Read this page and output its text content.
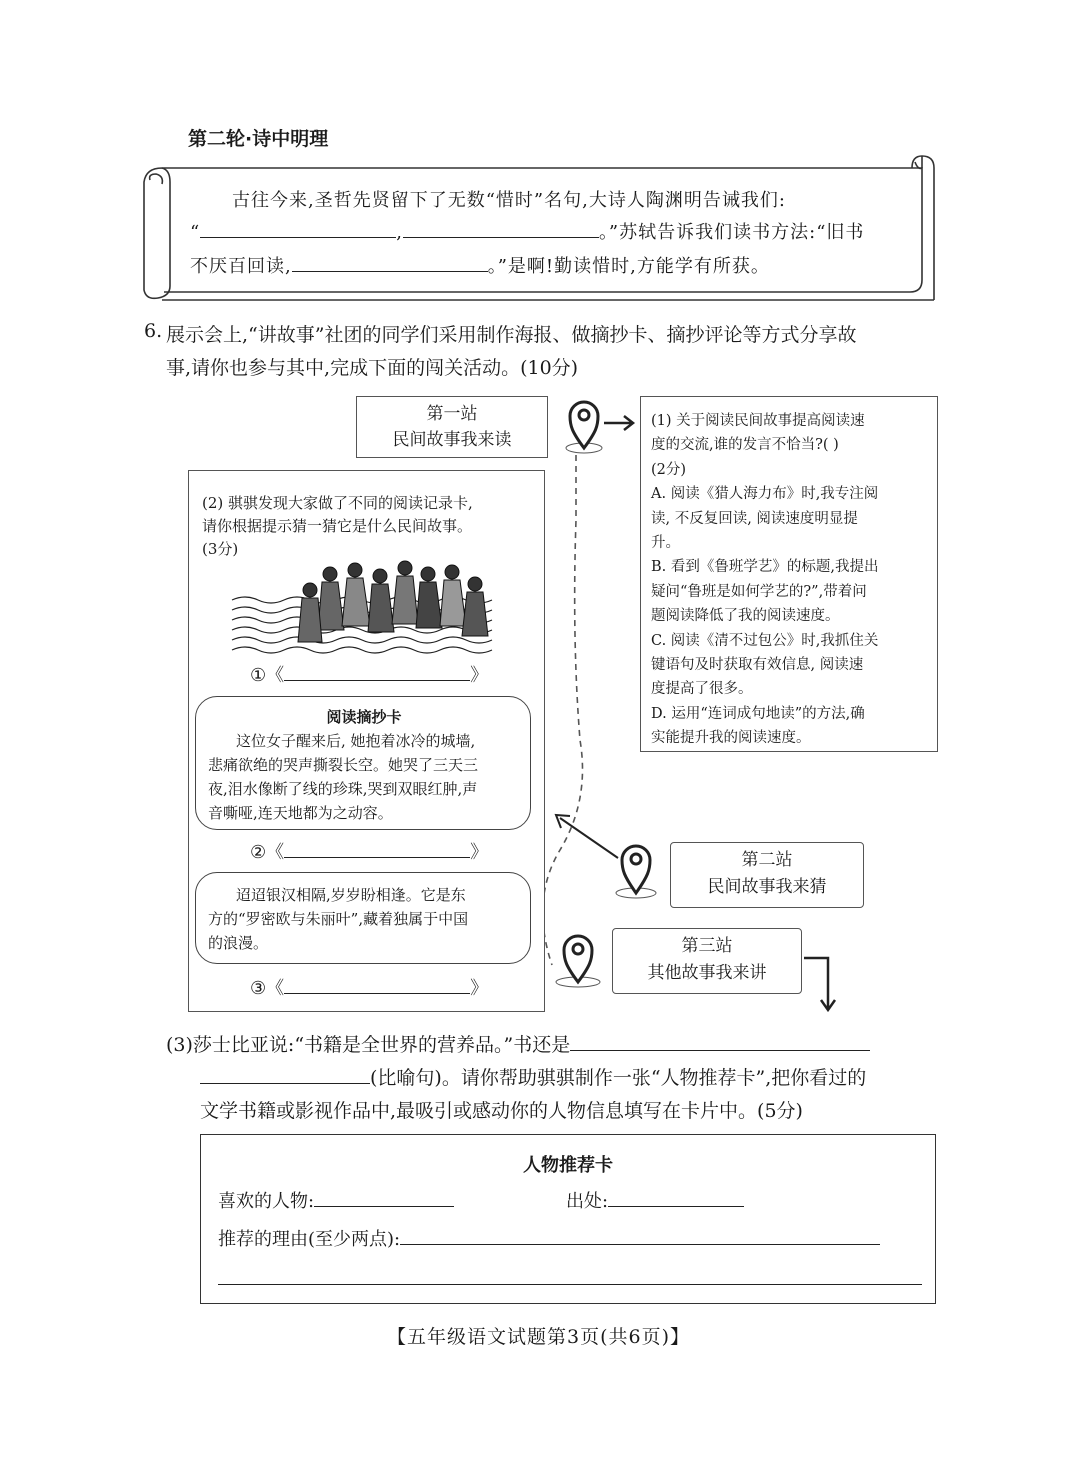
第二轮·诗中明理
古往今来,圣哲先贤留下了无数“惜时”名句,大诗人陶渊明告诫我们:
“	,	。”苏轼告诉我们读书方法:“旧书
不厌百回读,	。”是啊!勤读惜时,方能学有所获。
6. 展示会上,“讲故事”社团的同学们采用制作海报、做摘抄卡、摘抄评论等方式分享故
事,请你也参与其中,完成下面的闯关活动。(10分)
第一站
民间故事我来读
(1) 关于阅读民间故事提高阅读速
度的交流,谁的发言不恰当?( )
(2分)
A. 阅读《猎人海力布》时,我专注阅
读, 不反复回读, 阅读速度明显提
升。
B. 看到《鲁班学艺》的标题,我提出
疑问“鲁班是如何学艺的?”,带着问
题阅读降低了我的阅读速度。
C. 阅读《清不过包公》时,我抓住关
键语句及时获取有效信息, 阅读速
度提高了很多。
D. 运用“连词成句地读”的方法,确
实能提升我的阅读速度。
(2) 骐骐发现大家做了不同的阅读记录卡,
请你根据提示猜一猜它是什么民间故事。
(3分)
①《	》
阅读摘抄卡
这位女子醒来后, 她抱着冰冷的城墙,
悲痛欲绝的哭声撕裂长空。她哭了三天三
夜,泪水像断了线的珍珠,哭到双眼红肿,声
音嘶哑,连天地都为之动容。
②《	》
迢迢银汉相隔,岁岁盼相逢。它是东
方的“罗密欧与朱丽叶”,藏着独属于中国
的浪漫。
③《	》
第二站
民间故事我来猜
第三站
其他故事我来讲
(3)莎士比亚说:“书籍是全世界的营养品。”书还是
(比喻句)。请你帮助骐骐制作一张“人物推荐卡”,把你看过的
文学书籍或影视作品中,最吸引或感动你的人物信息填写在卡片中。(5分)
人物推荐卡
喜欢的人物:	出处:
推荐的理由(至少两点):
【五年级语文试题第3页(共6页)】
